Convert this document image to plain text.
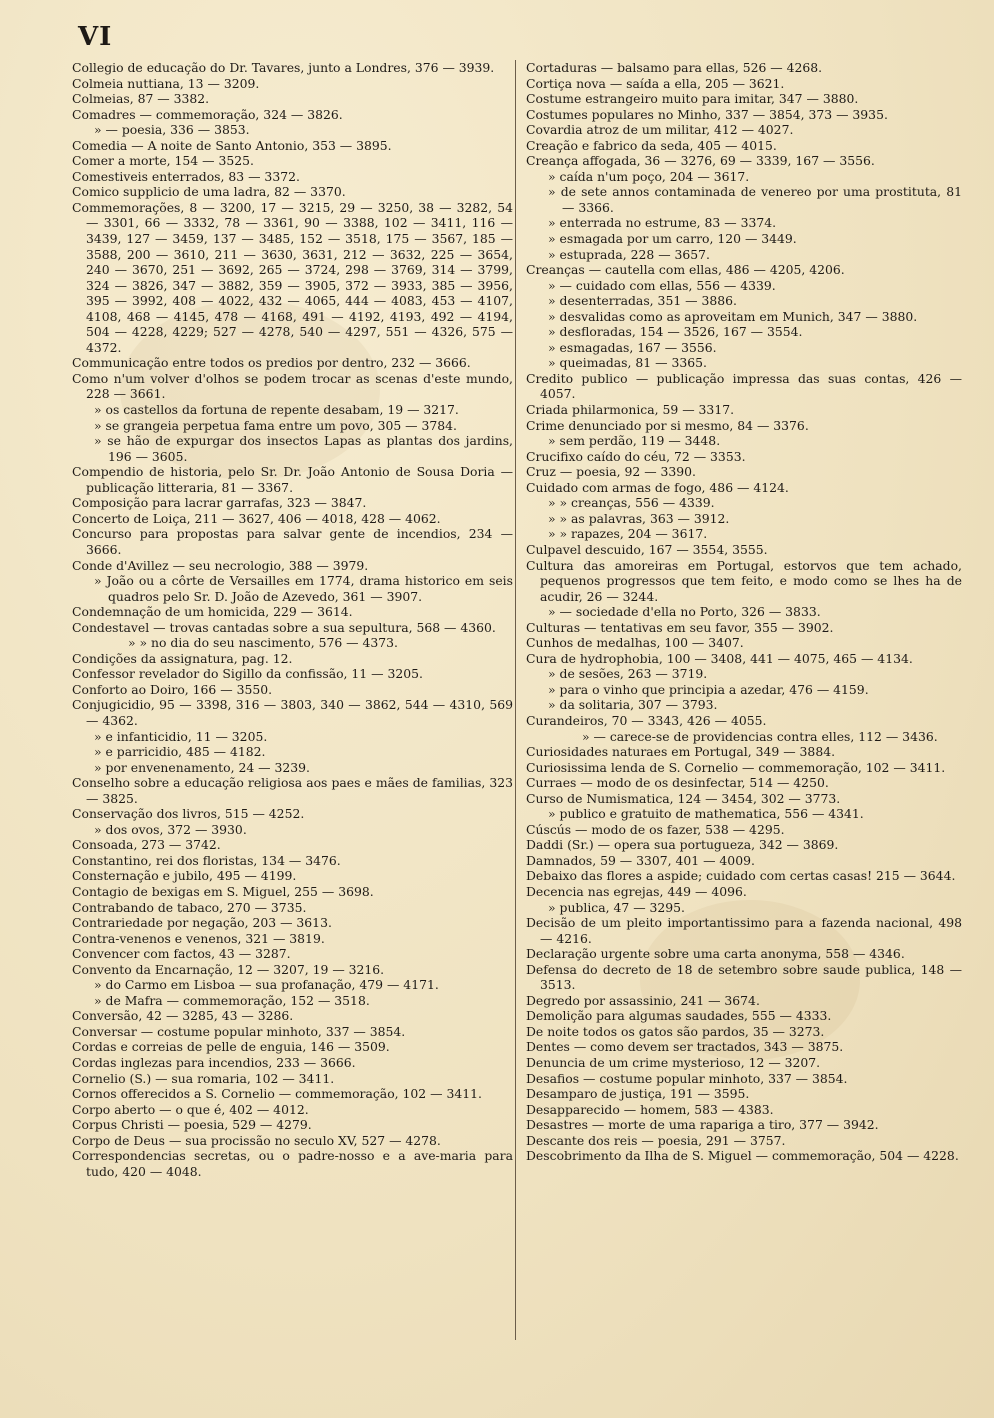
VI

Collegio de educação do Dr. Tavares, junto a Londres, 376 — 3939.

Colmeia nuttiana, 13 — 3209.

Colmeias, 87 — 3382.

Comadres — commemoração, 324 — 3826.

» — poesia, 336 — 3853.

Comedia — A noite de Santo Antonio, 353 — 3895.

Comer a morte, 154 — 3525.

Comestiveis enterrados, 83 — 3372.

Comico supplicio de uma ladra, 82 — 3370.

Commemorações, 8 — 3200, 17 — 3215, 29 — 3250, 38 — 3282, 54 — 3301, 66 — 3332, 78 — 3361, 90 — 3388, 102 — 3411, 116 — 3439, 127 — 3459, 137 — 3485, 152 — 3518, 175 — 3567, 185 — 3588, 200 — 3610, 211 — 3630, 3631, 212 — 3632, 225 — 3654, 240 — 3670, 251 — 3692, 265 — 3724, 298 — 3769, 314 — 3799, 324 — 3826, 347 — 3882, 359 — 3905, 372 — 3933, 385 — 3956, 395 — 3992, 408 — 4022, 432 — 4065, 444 — 4083, 453 — 4107, 4108, 468 — 4145, 478 — 4168, 491 — 4192, 4193, 492 — 4194, 504 — 4228, 4229; 527 — 4278, 540 — 4297, 551 — 4326, 575 — 4372.

Communicação entre todos os predios por dentro, 232 — 3666.

Como n'um volver d'olhos se podem trocar as scenas d'este mundo, 228 — 3661.

» os castellos da fortuna de repente desabam, 19 — 3217.

» se grangeia perpetua fama entre um povo, 305 — 3784.

» se hão de expurgar dos insectos Lapas as plantas dos jardins, 196 — 3605.

Compendio de historia, pelo Sr. Dr. João Antonio de Sousa Doria — publicação litteraria, 81 — 3367.

Composição para lacrar garrafas, 323 — 3847.

Concerto de Loiça, 211 — 3627, 406 — 4018, 428 — 4062.

Concurso para propostas para salvar gente de incendios, 234 — 3666.

Conde d'Avillez — seu necrologio, 388 — 3979.

» João ou a côrte de Versailles em 1774, drama historico em seis quadros pelo Sr. D. João de Azevedo, 361 — 3907.

Condemnação de um homicida, 229 — 3614.

Condestavel — trovas cantadas sobre a sua sepultura, 568 — 4360.

» » no dia do seu nascimento, 576 — 4373.

Condições da assignatura, pag. 12.

Confessor revelador do Sigillo da confissão, 11 — 3205.

Conforto ao Doiro, 166 — 3550.

Conjugicidio, 95 — 3398, 316 — 3803, 340 — 3862, 544 — 4310, 569 — 4362.

» e infanticidio, 11 — 3205.

» e parricidio, 485 — 4182.

» por envenenamento, 24 — 3239.

Conselho sobre a educação religiosa aos paes e mães de familias, 323 — 3825.

Conservação dos livros, 515 — 4252.

» dos ovos, 372 — 3930.

Consoada, 273 — 3742.

Constantino, rei dos floristas, 134 — 3476.

Consternação e jubilo, 495 — 4199.

Contagio de bexigas em S. Miguel, 255 — 3698.

Contrabando de tabaco, 270 — 3735.

Contrariedade por negação, 203 — 3613.

Contra-venenos e venenos, 321 — 3819.

Convencer com factos, 43 — 3287.

Convento da Encarnação, 12 — 3207, 19 — 3216.

» do Carmo em Lisboa — sua profanação, 479 — 4171.

» de Mafra — commemoração, 152 — 3518.

Conversão, 42 — 3285, 43 — 3286.

Conversar — costume popular minhoto, 337 — 3854.

Cordas e correias de pelle de enguia, 146 — 3509.

Cordas inglezas para incendios, 233 — 3666.

Cornelio (S.) — sua romaria, 102 — 3411.

Cornos offerecidos a S. Cornelio — commemoração, 102 — 3411.

Corpo aberto — o que é, 402 — 4012.

Corpus Christi — poesia, 529 — 4279.

Corpo de Deus — sua procissão no seculo XV, 527 — 4278.

Correspondencias secretas, ou o padre-nosso e a ave-maria para tudo, 420 — 4048.

Cortaduras — balsamo para ellas, 526 — 4268.

Cortiça nova — saída a ella, 205 — 3621.

Costume estrangeiro muito para imitar, 347 — 3880.

Costumes populares no Minho, 337 — 3854, 373 — 3935.

Covardia atroz de um militar, 412 — 4027.

Creação e fabrico da seda, 405 — 4015.

Creança affogada, 36 — 3276, 69 — 3339, 167 — 3556.

» caída n'um poço, 204 — 3617.

» de sete annos contaminada de venereo por uma prostituta, 81 — 3366.

» enterrada no estrume, 83 — 3374.

» esmagada por um carro, 120 — 3449.

» estuprada, 228 — 3657.

Creanças — cautella com ellas, 486 — 4205, 4206.

» — cuidado com ellas, 556 — 4339.

» desenterradas, 351 — 3886.

» desvalidas como as aproveitam em Munich, 347 — 3880.

» desfloradas, 154 — 3526, 167 — 3554.

» esmagadas, 167 — 3556.

» queimadas, 81 — 3365.

Credito publico — publicação impressa das suas contas, 426 — 4057.

Criada philarmonica, 59 — 3317.

Crime denunciado por si mesmo, 84 — 3376.

» sem perdão, 119 — 3448.

Crucifixo caído do céu, 72 — 3353.

Cruz — poesia, 92 — 3390.

Cuidado com armas de fogo, 486 — 4124.

» » creanças, 556 — 4339.

» » as palavras, 363 — 3912.

» » rapazes, 204 — 3617.

Culpavel descuido, 167 — 3554, 3555.

Cultura das amoreiras em Portugal, estorvos que tem achado, pequenos progressos que tem feito, e modo como se lhes ha de acudir, 26 — 3244.

» — sociedade d'ella no Porto, 326 — 3833.

Culturas — tentativas em seu favor, 355 — 3902.

Cunhos de medalhas, 100 — 3407.

Cura de hydrophobia, 100 — 3408, 441 — 4075, 465 — 4134.

» de sesões, 263 — 3719.

» para o vinho que principia a azedar, 476 — 4159.

» da solitaria, 307 — 3793.

Curandeiros, 70 — 3343, 426 — 4055.

» — carece-se de providencias contra elles, 112 — 3436.

Curiosidades naturaes em Portugal, 349 — 3884.

Curiosissima lenda de S. Cornelio — commemoração, 102 — 3411.

Curraes — modo de os desinfectar, 514 — 4250.

Curso de Numismatica, 124 — 3454, 302 — 3773.

» publico e gratuito de mathematica, 556 — 4341.

Cúscús — modo de os fazer, 538 — 4295.

Daddi (Sr.) — opera sua portugueza, 342 — 3869.

Damnados, 59 — 3307, 401 — 4009.

Debaixo das flores a aspide; cuidado com certas casas! 215 — 3644.

Decencia nas egrejas, 449 — 4096.

» publica, 47 — 3295.

Decisão de um pleito importantissimo para a fazenda nacional, 498 — 4216.

Declaração urgente sobre uma carta anonyma, 558 — 4346.

Defensa do decreto de 18 de setembro sobre saude publica, 148 — 3513.

Degredo por assassinio, 241 — 3674.

Demolição para algumas saudades, 555 — 4333.

De noite todos os gatos são pardos, 35 — 3273.

Dentes — como devem ser tractados, 343 — 3875.

Denuncia de um crime mysterioso, 12 — 3207.

Desafios — costume popular minhoto, 337 — 3854.

Desamparo de justiça, 191 — 3595.

Desapparecido — homem, 583 — 4383.

Desastres — morte de uma rapariga a tiro, 377 — 3942.

Descante dos reis — poesia, 291 — 3757.

Descobrimento da Ilha de S. Miguel — commemoração, 504 — 4228.
